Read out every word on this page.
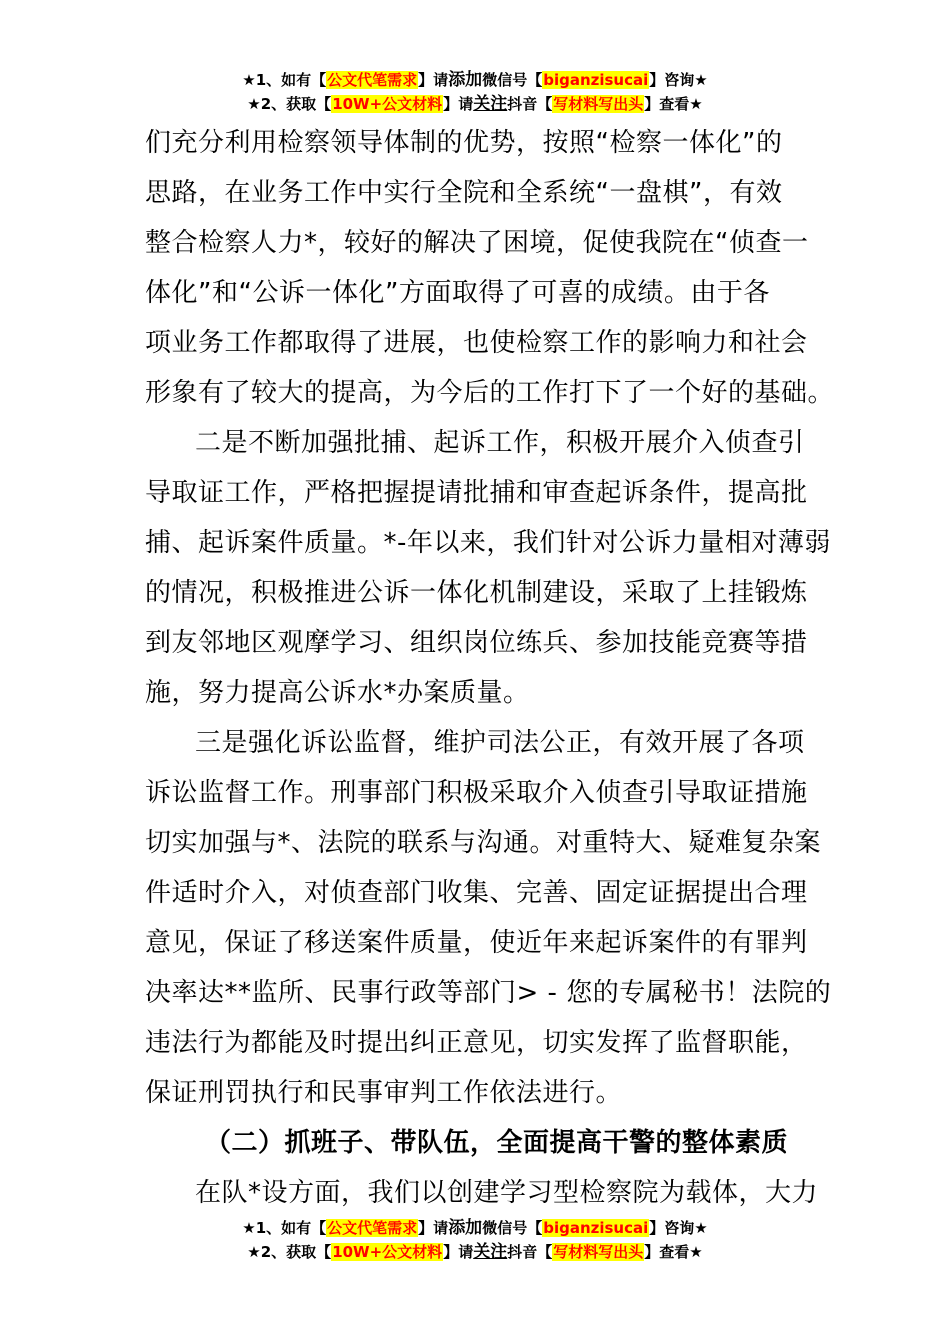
★1、如有【公文代笔需求】请添加微信号【biganzisucai】咨询★
★2、获取【10W+公文材料】请关注抖音【写材料写出头】查看★
们充分利用检察领导体制的优势，按照“检察一体化”的
思路，在业务工作中实行全院和全系统“一盘棋”，有效
整合检察人力*，较好的解决了困境，促使我院在“侦查一
体化”和“公诉一体化”方面取得了可喜的成绩。由于各
项业务工作都取得了进展，也使检察工作的影响力和社会
形象有了较大的提高，为今后的工作打下了一个好的基础。
二是不断加强批捕、起诉工作，积极开展介入侦查引
导取证工作，严格把握提请批捕和审查起诉条件，提高批
捕、起诉案件质量。*-年以来，我们针对公诉力量相对薄弱
的情况，积极推进公诉一体化机制建设，采取了上挂锻炼
到友邻地区观摩学习、组织岗位练兵、参加技能竞赛等措
施，努力提高公诉水*办案质量。
三是强化诉讼监督，维护司法公正，有效开展了各项
诉讼监督工作。刑事部门积极采取介入侦查引导取证措施
切实加强与*、法院的联系与沟通。对重特大、疑难复杂案
件适时介入，对侦查部门收集、完善、固定证据提出合理
意见，保证了移送案件质量，使近年来起诉案件的有罪判
决率达**监所、民事行政等部门> - 您的专属秘书！法院的
违法行为都能及时提出纠正意见，切实发挥了监督职能，
保证刑罚执行和民事审判工作依法进行。
（二）抓班子、带队伍，全面提高干警的整体素质
在队*设方面，我们以创建学习型检察院为载体，大力
★1、如有【公文代笔需求】请添加微信号【biganzisucai】咨询★
★2、获取【10W+公文材料】请关注抖音【写材料写出头】查看★
